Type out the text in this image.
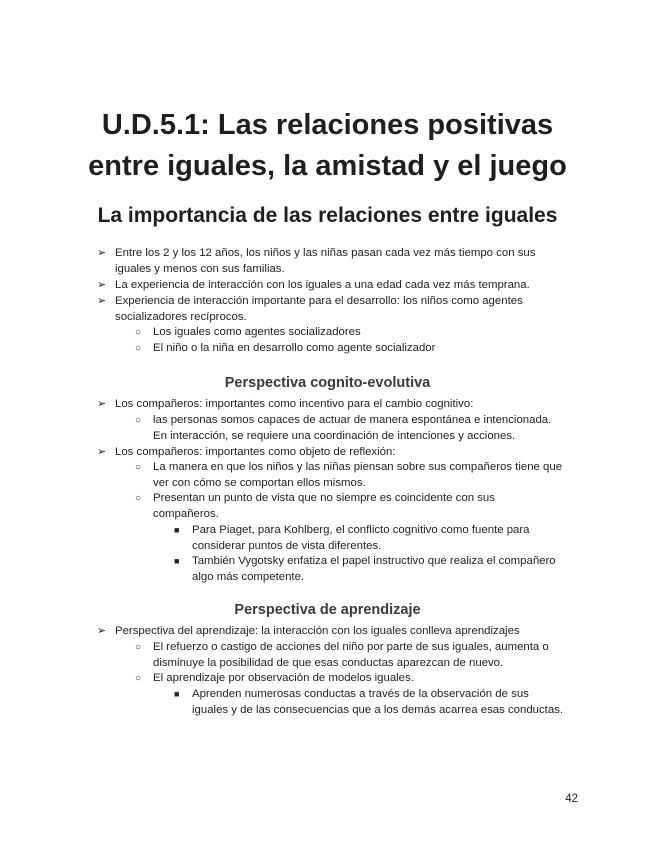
U.D.5.1: Las relaciones positivas
entre iguales, la amistad y el juego
La importancia de las relaciones entre iguales
➢ Entre los 2 y los 12 años, los niños y las niñas pasan cada vez más tiempo con sus
iguales y menos con sus familias.
➢ La experiencia de interacción con los iguales a una edad cada vez más temprana.
➢ Experiencia de interacción importante para el desarrollo: los niños como agentes
socializadores recíprocos.
○ Los iguales como agentes socializadores
○ El niño o la niña en desarrollo como agente socializador
Perspectiva cognito-evolutiva
➢ Los compañeros: importantes como incentivo para el cambio cognitivo:
○ las personas somos capaces de actuar de manera espontánea e intencionada.
En interacción, se requiere una coordinación de intenciones y acciones.
➢ Los compañeros: importantes como objeto de reflexión:
○ La manera en que los niños y las niñas piensan sobre sus compañeros tiene que
ver con cómo se comportan ellos mismos.
○ Presentan un punto de vista que no siempre es coincidente con sus
compañeros.
■ Para Piaget, para Kohlberg, el conflicto cognitivo como fuente para
considerar puntos de vista diferentes.
■ También Vygotsky enfatiza el papel instructivo que realiza el compañero
algo más competente.
Perspectiva de aprendizaje
➢ Perspectiva del aprendizaje: la interacción con los iguales conlleva aprendizajes
○ El refuerzo o castigo de acciones del niño por parte de sus iguales, aumenta o
disminuye la posibilidad de que esas conductas aparezcan de nuevo.
○ El aprendizaje por observación de modelos iguales.
■ Aprenden numerosas conductas a través de la observación de sus
iguales y de las consecuencias que a los demás acarrea esas conductas.
42
